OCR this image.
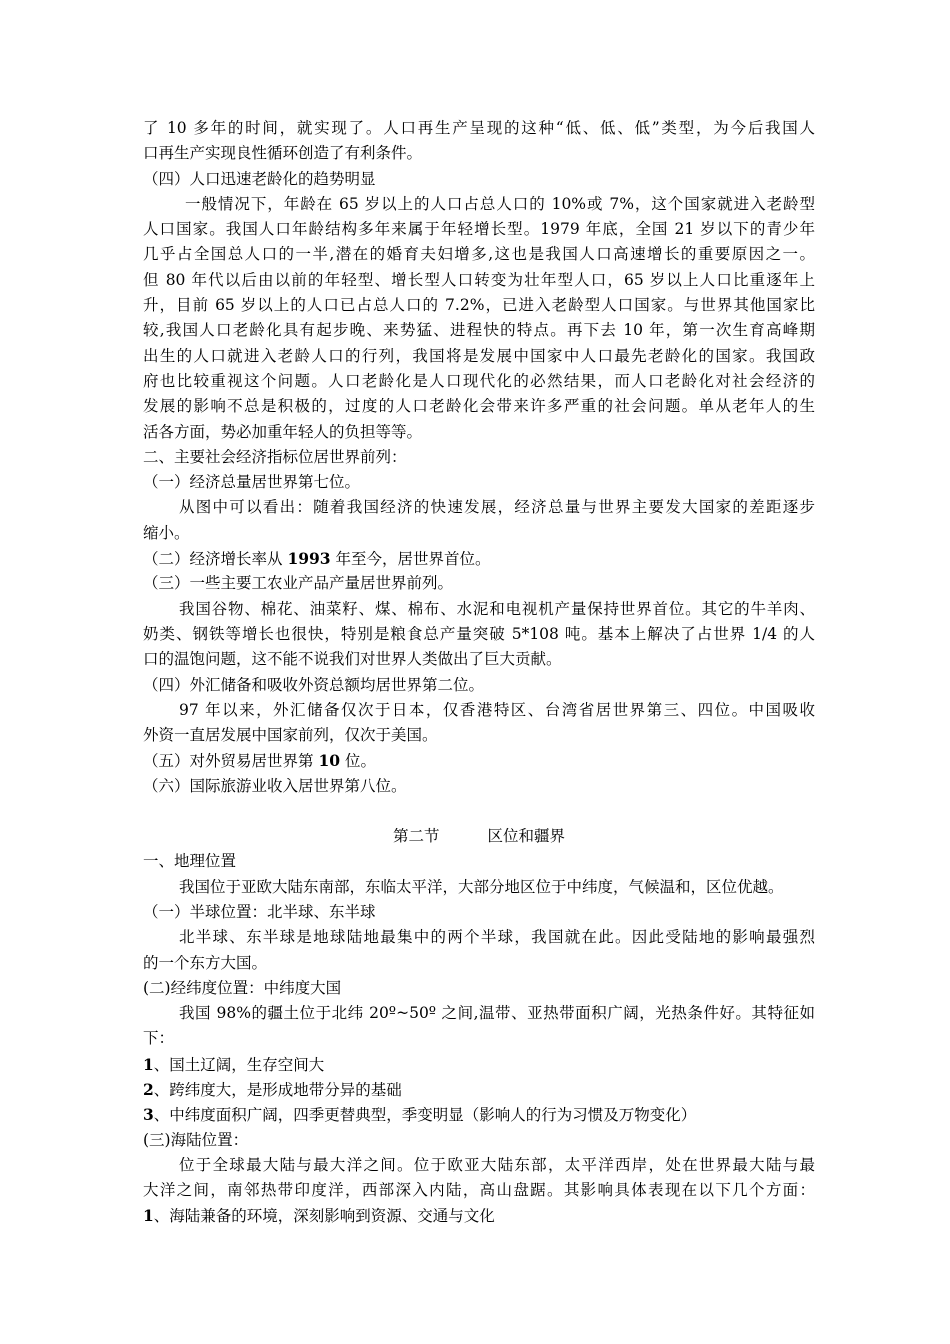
了 10 多年的时间，就实现了。人口再生产呈现的这种“低、低、低”类型，为今后我国人
口再生产实现良性循环创造了有利条件。
（四）人口迅速老龄化的趋势明显
一般情况下，年龄在 65 岁以上的人口占总人口的 10%或 7%，这个国家就进入老龄型
人口国家。我国人口年龄结构多年来属于年轻增长型。1979 年底，全国 21 岁以下的青少年
几乎占全国总人口的一半,潜在的婚育夫妇增多,这也是我国人口高速增长的重要原因之一。
但 80 年代以后由以前的年轻型、增长型人口转变为壮年型人口，65 岁以上人口比重逐年上
升，目前 65 岁以上的人口已占总人口的 7.2%，已进入老龄型人口国家。与世界其他国家比
较,我国人口老龄化具有起步晚、来势猛、进程快的特点。再下去 10 年，第一次生育高峰期
出生的人口就进入老龄人口的行列，我国将是发展中国家中人口最先老龄化的国家。我国政
府也比较重视这个问题。人口老龄化是人口现代化的必然结果，而人口老龄化对社会经济的
发展的影响不总是积极的，过度的人口老龄化会带来许多严重的社会问题。单从老年人的生
活各方面，势必加重年轻人的负担等等。
二、主要社会经济指标位居世界前列：
（一）经济总量居世界第七位。
从图中可以看出：随着我国经济的快速发展，经济总量与世界主要发大国家的差距逐步
缩小。
（二）经济增长率从 1993 年至今，居世界首位。
（三）一些主要工农业产品产量居世界前列。
我国谷物、棉花、油菜籽、煤、棉布、水泥和电视机产量保持世界首位。其它的牛羊肉、
奶类、钢铁等增长也很快，特别是粮食总产量突破 5*108 吨。基本上解决了占世界 1/4 的人
口的温饱问题，这不能不说我们对世界人类做出了巨大贡献。
（四）外汇储备和吸收外资总额均居世界第二位。
97 年以来，外汇储备仅次于日本，仅香港特区、台湾省居世界第三、四位。中国吸收
外资一直居发展中国家前列，仅次于美国。
（五）对外贸易居世界第 10 位。
（六）国际旅游业收入居世界第八位。
第二节	区位和疆界
一、地理位置
我国位于亚欧大陆东南部，东临太平洋，大部分地区位于中纬度，气候温和，区位优越。
（一）半球位置：北半球、东半球
北半球、东半球是地球陆地最集中的两个半球，我国就在此。因此受陆地的影响最强烈
的一个东方大国。
(二)经纬度位置：中纬度大国
我国 98%的疆土位于北纬 20º~50º 之间,温带、亚热带面积广阔，光热条件好。其特征如
下：
1、国土辽阔，生存空间大
2、跨纬度大，是形成地带分异的基础
3、中纬度面积广阔，四季更替典型，季变明显（影响人的行为习惯及万物变化）
(三)海陆位置：
位于全球最大陆与最大洋之间。位于欧亚大陆东部，太平洋西岸，处在世界最大陆与最
大洋之间，南邻热带印度洋，西部深入内陆，高山盘踞。其影响具体表现在以下几个方面：
1、海陆兼备的环境，深刻影响到资源、交通与文化
